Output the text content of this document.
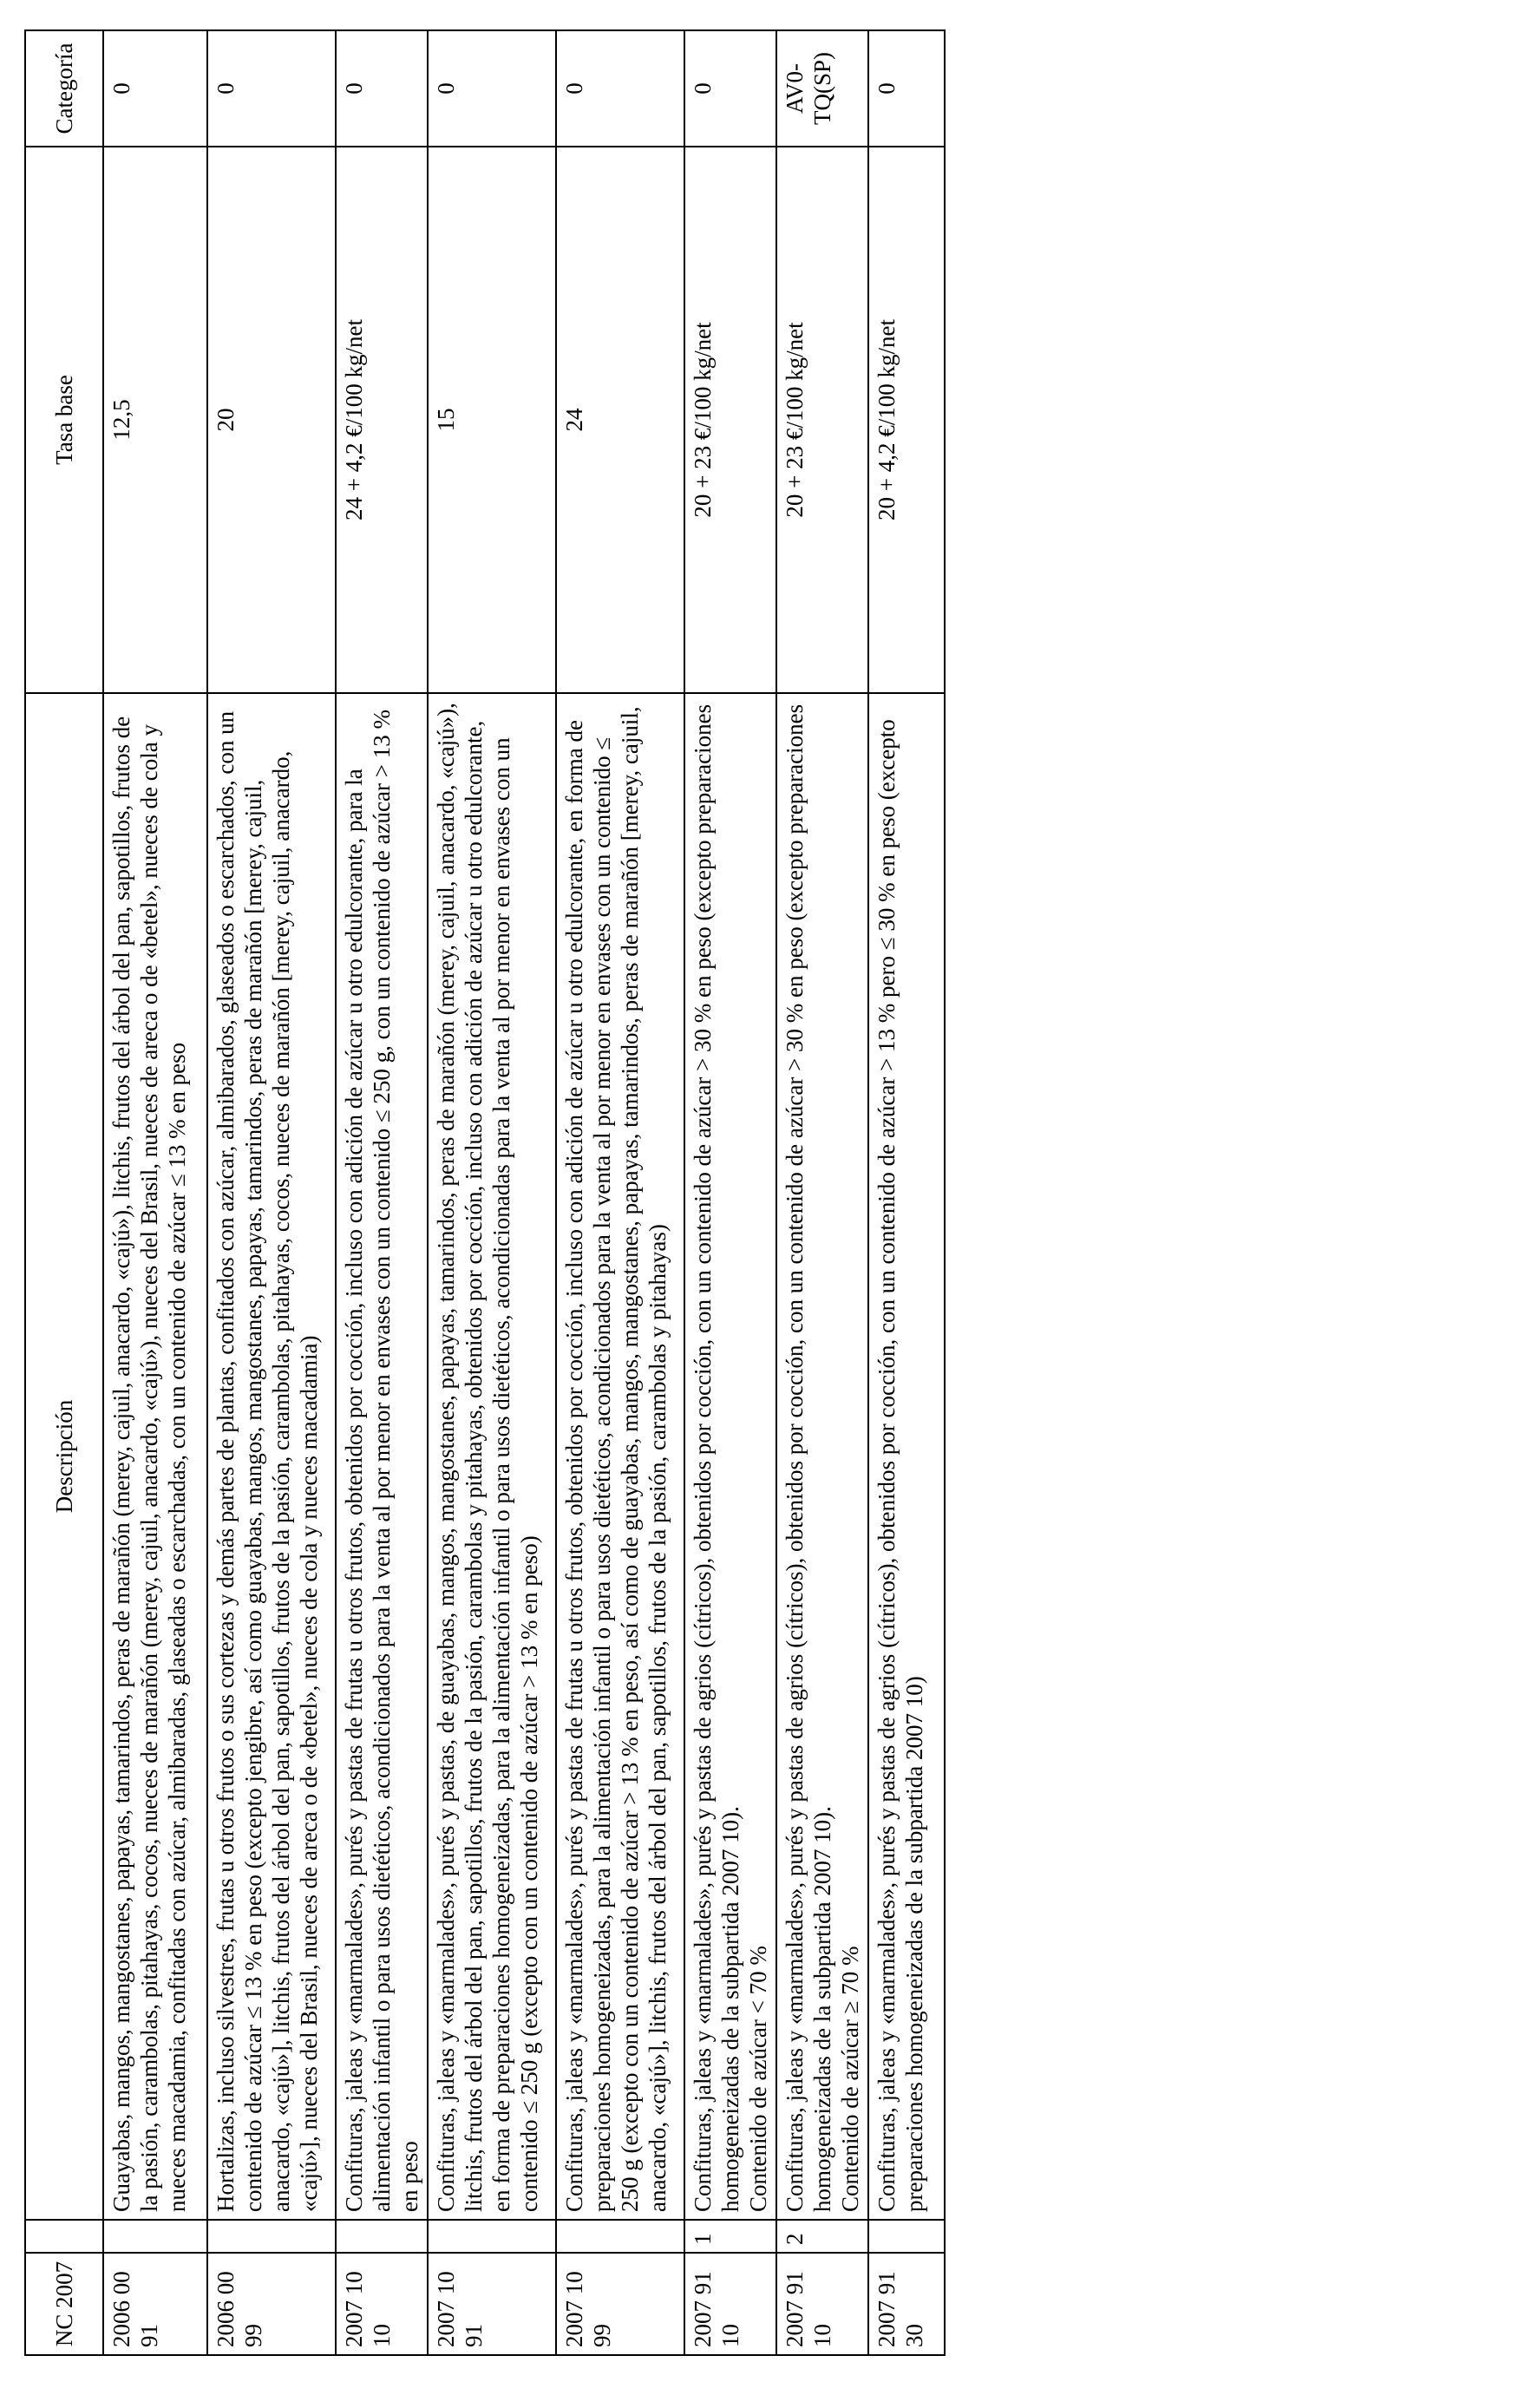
NC 2007		Descripción	Tasa base	Categoría
2006 00 91		Guayabas, mangos, mangostanes, papayas, tamarindos, peras de marañón (merey, cajuil, anacardo, «cajú»), litchis, frutos del árbol del pan, sapotillos, frutos de la pasión, carambolas, pitahayas, cocos, nueces de marañón (merey, cajuil, anacardo, «cajú»), nueces del Brasil, nueces de areca o de «betel», nueces de cola y nueces macadamia, confitadas con azúcar, almibaradas, glaseadas o escarchadas, con un contenido de azúcar ≤ 13 % en peso	12,5	0
2006 00 99		Hortalizas, incluso silvestres, frutas u otros frutos o sus cortezas y demás partes de plantas, confitados con azúcar, almibarados, glaseados o escarchados, con un contenido de azúcar ≤ 13 % en peso (excepto jengibre, así como guayabas, mangos, mangostanes, papayas, tamarindos, peras de marañón [merey, cajuil, anacardo, «cajú»], litchis, frutos del árbol del pan, sapotillos, frutos de la pasión, carambolas, pitahayas, cocos, nueces de marañón [merey, cajuil, anacardo, «cajú»], nueces del Brasil, nueces de areca o de «betel», nueces de cola y nueces macadamia)	20	0
2007 10 10		Confituras, jaleas y «marmalades», purés y pastas de frutas u otros frutos, obtenidos por cocción, incluso con adición de azúcar u otro edulcorante, para la alimentación infantil o para usos dietéticos, acondicionados para la venta al por menor en envases con un contenido ≤ 250 g, con un contenido de azúcar > 13 % en peso	24 + 4,2 €/100 kg/net	0
2007 10 91		Confituras, jaleas y «marmalades», purés y pastas, de guayabas, mangos, mangostanes, papayas, tamarindos, peras de marañón (merey, cajuil, anacardo, «cajú»), litchis, frutos del árbol del pan, sapotillos, frutos de la pasión, carambolas y pitahayas, obtenidos por cocción, incluso con adición de azúcar u otro edulcorante, en forma de preparaciones homogeneizadas, para la alimentación infantil o para usos dietéticos, acondicionadas para la venta al por menor en envases con un contenido ≤ 250 g (excepto con un contenido de azúcar > 13 % en peso)	15	0
2007 10 99		Confituras, jaleas y «marmalades», purés y pastas de frutas u otros frutos, obtenidos por cocción, incluso con adición de azúcar u otro edulcorante, en forma de preparaciones homogeneizadas, para la alimentación infantil o para usos dietéticos, acondicionados para la venta al por menor en envases con un contenido ≤ 250 g (excepto con un contenido de azúcar > 13 % en peso, así como de guayabas, mangos, mangostanes, papayas, tamarindos, peras de marañón [merey, cajuil, anacardo, «cajú»], litchis, frutos del árbol del pan, sapotillos, frutos de la pasión, carambolas y pitahayas)	24	0
2007 91 10	1	Confituras, jaleas y «marmalades», purés y pastas de agrios (cítricos), obtenidos por cocción, con un contenido de azúcar > 30 % en peso (excepto preparaciones homogeneizadas de la subpartida 2007 10). Contenido de azúcar < 70 %	20 + 23 €/100 kg/net	0
2007 91 10	2	Confituras, jaleas y «marmalades», purés y pastas de agrios (cítricos), obtenidos por cocción, con un contenido de azúcar > 30 % en peso (excepto preparaciones homogeneizadas de la subpartida 2007 10). Contenido de azúcar ≥ 70 %	20 + 23 €/100 kg/net	AV0-TQ(SP)
2007 91 30		Confituras, jaleas y «marmalades», purés y pastas de agrios (cítricos), obtenidos por cocción, con un contenido de azúcar > 13 % pero ≤ 30 % en peso (excepto preparaciones homogeneizadas de la subpartida 2007 10)	20 + 4,2 €/100 kg/net	0
